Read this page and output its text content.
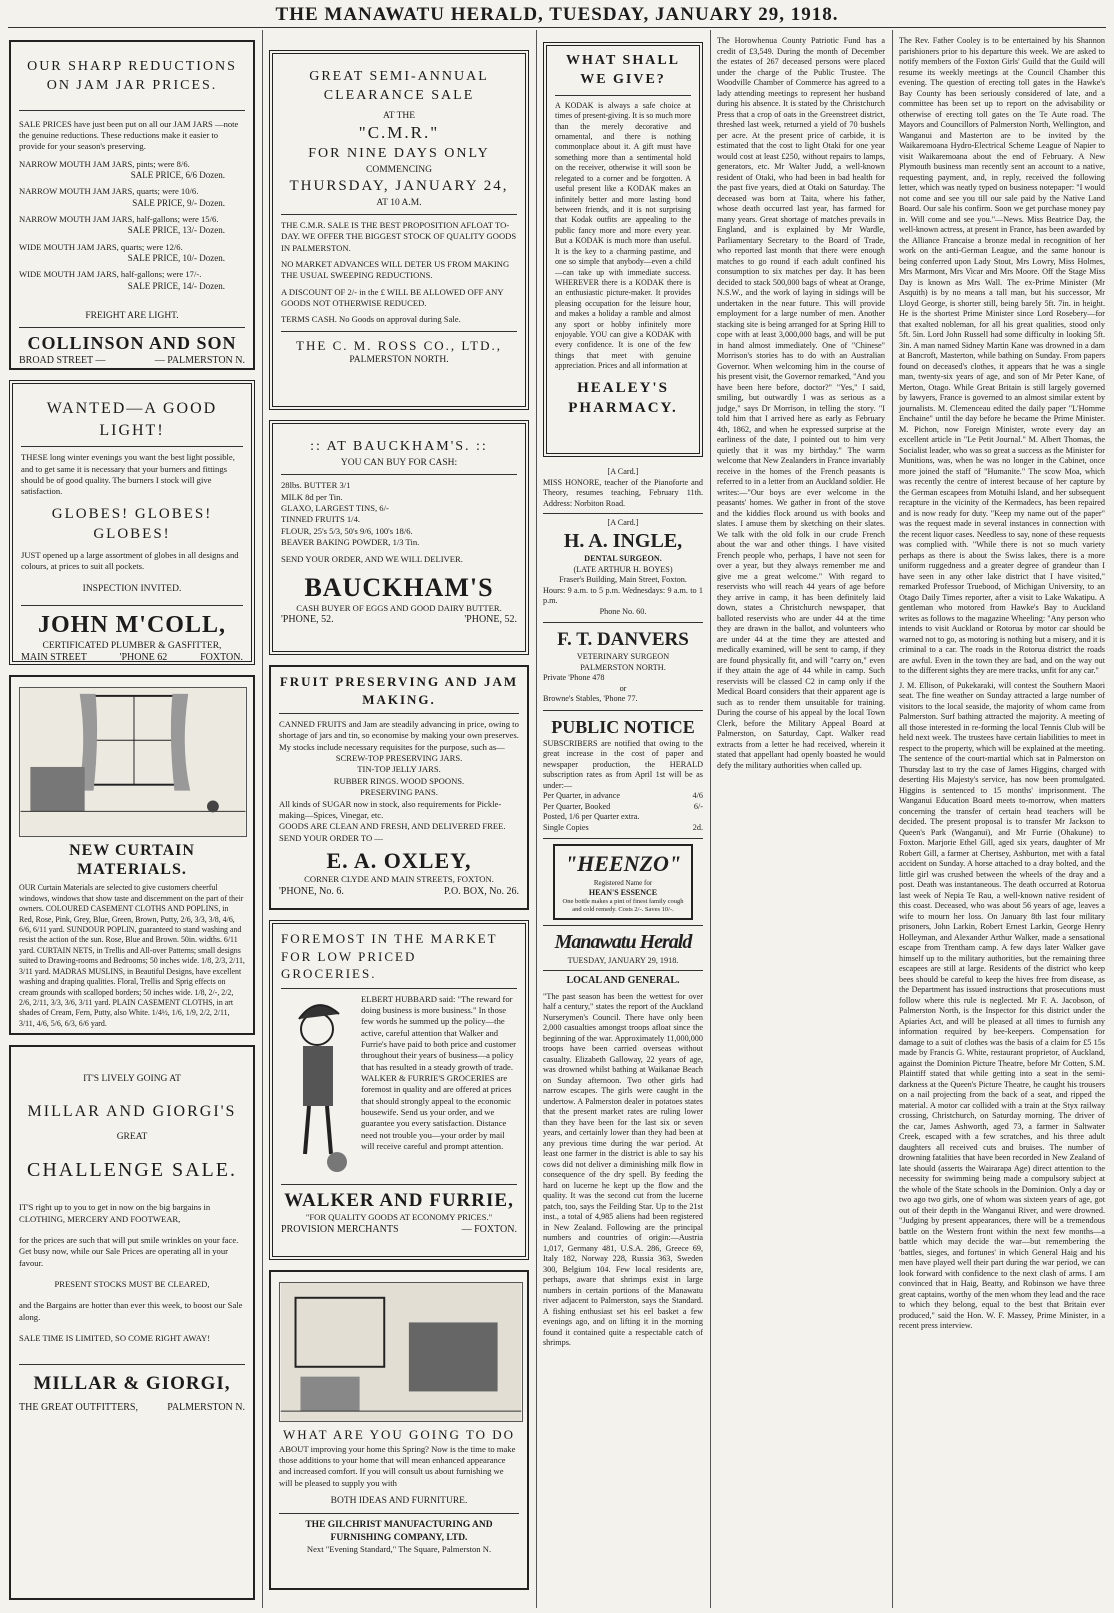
THE MANAWATU HERALD, TUESDAY, JANUARY 29, 1918.
OUR SHARP REDUCTIONS
ON JAM JAR PRICES.
SALE PRICES have just been put on all our JAM JARS —note the genuine reductions. These reductions make it easier to provide for your season's preserving.
NARROW MOUTH JAM JARS, pints; were 8/6.
SALE PRICE, 6/6 Dozen.
NARROW MOUTH JAM JARS, quarts; were 10/6.
SALE PRICE, 9/- Dozen.
NARROW MOUTH JAM JARS, half-gallons; were 15/6.
SALE PRICE, 13/- Dozen.
WIDE MOUTH JAM JARS, quarts; were 12/6.
SALE PRICE, 10/- Dozen.
WIDE MOUTH JAM JARS, half-gallons; were 17/-.
SALE PRICE, 14/- Dozen.
FREIGHT ARE LIGHT.
COLLINSON AND SON
BROAD STREET —	— PALMERSTON N.
WANTED—A GOOD LIGHT!
THESE long winter evenings you want the best light possible, and to get same it is necessary that your burners and fittings should be of good quality. The burners I stock will give satisfaction.
GLOBES! GLOBES! GLOBES!
JUST opened up a large assortment of globes in all designs and colours, at prices to suit all pockets.
INSPECTION INVITED.
JOHN M'COLL,
CERTIFICATED PLUMBER & GASFITTER,
MAIN STREET	'PHONE 62	FOXTON.
NEW CURTAIN MATERIALS.
OUR Curtain Materials are selected to give customers cheerful windows, windows that show taste and discernment on the part of their owners. COLOURED CASEMENT CLOTHS AND POPLINS, in Red, Rose, Pink, Grey, Blue, Green, Brown, Putty, 2/6, 3/3, 3/8, 4/6, 6/6, 6/11 yard. SUNDOUR POPLIN, guaranteed to stand washing and resist the action of the sun. Rose, Blue and Brown. 50in. widths. 6/11 yard. CURTAIN NETS, in Trellis and All-over Patterns; small designs suited to Drawing-rooms and Bedrooms; 50 inches wide. 1/8, 2/3, 2/11, 3/11 yard. MADRAS MUSLINS, in Beautiful Designs, have excellent washing and draping qualities. Floral, Trellis and Sprig effects on cream grounds with scalloped borders; 50 inches wide. 1/8, 2/-, 2/2, 2/6, 2/11, 3/3, 3/6, 3/11 yard. PLAIN CASEMENT CLOTHS, in art shades of Cream, Fern, Putty, also White. 1/4½, 1/6, 1/9, 2/2, 2/11, 3/11, 4/6, 5/6, 6/3, 6/6 yard.
IT'S LIVELY GOING AT
MILLAR AND GIORGI'S
GREAT
CHALLENGE SALE.
IT'S right up to you to get in now on the big bargains in CLOTHING, MERCERY AND FOOTWEAR,
for the prices are such that will put smile wrinkles on your face. Get busy now, while our Sale Prices are operating all in your favour.
PRESENT STOCKS MUST BE CLEARED,
and the Bargains are hotter than ever this week, to boost our Sale along.
SALE TIME IS LIMITED, SO COME RIGHT AWAY!
MILLAR & GIORGI,
THE GREAT OUTFITTERS,	PALMERSTON N.
GREAT SEMI-ANNUAL
CLEARANCE SALE
AT THE
"C.M.R."
FOR NINE DAYS ONLY
COMMENCING
THURSDAY, JANUARY 24,
AT 10 A.M.
THE C.M.R. SALE IS THE BEST PROPOSITION AFLOAT TO-DAY. WE OFFER THE BIGGEST STOCK OF QUALITY GOODS IN PALMERSTON.
NO MARKET ADVANCES WILL DETER US FROM MAKING THE USUAL SWEEPING REDUCTIONS.
A DISCOUNT OF 2/- in the £ WILL BE ALLOWED OFF ANY GOODS NOT OTHERWISE REDUCED.
TERMS CASH. No Goods on approval during Sale.
THE C. M. ROSS CO., LTD.,
PALMERSTON NORTH.
:: AT BAUCKHAM'S. ::
YOU CAN BUY FOR CASH:
28lbs. BUTTER 3/1
MILK 8d per Tin.
GLAXO, LARGEST TINS, 6/-
TINNED FRUITS 1/4.
FLOUR, 25's 5/3, 50's 9/6, 100's 18/6.
BEAVER BAKING POWDER, 1/3 Tin.
SEND YOUR ORDER, AND WE WILL DELIVER.
BAUCKHAM'S
CASH BUYER OF EGGS AND GOOD DAIRY BUTTER.
'PHONE, 52.	'PHONE, 52.
FRUIT PRESERVING AND JAM MAKING.
CANNED FRUITS and Jam are steadily advancing in price, owing to shortage of jars and tin, so economise by making your own preserves. My stocks include necessary requisites for the purpose, such as—
SCREW-TOP PRESERVING JARS.
TIN-TOP JELLY JARS.
RUBBER RINGS. WOOD SPOONS.
PRESERVING PANS.
All kinds of SUGAR now in stock, also requirements for Pickle-making—Spices, Vinegar, etc.
GOODS ARE CLEAN AND FRESH, AND DELIVERED FREE. SEND YOUR ORDER TO —
E. A. OXLEY,
CORNER CLYDE AND MAIN STREETS, FOXTON.
'PHONE, No. 6.	P.O. BOX, No. 26.
FOREMOST IN THE MARKET FOR LOW PRICED GROCERIES.
ELBERT HUBBARD said: "The reward for doing business is more business." In those few words he summed up the policy—the active, careful attention that Walker and Furrie's have paid to both price and customer throughout their years of business—a policy that has resulted in a steady growth of trade. WALKER & FURRIE'S GROCERIES are foremost in quality and are offered at prices that should strongly appeal to the economic housewife. Send us your order, and we guarantee you every satisfaction. Distance need not trouble you—your order by mail will receive careful and prompt attention.
WALKER AND FURRIE,
"FOR QUALITY GOODS AT ECONOMY PRICES."
PROVISION MERCHANTS	— FOXTON.
WHAT ARE YOU GOING TO DO
ABOUT improving your home this Spring? Now is the time to make those additions to your home that will mean enhanced appearance and increased comfort. If you will consult us about furnishing we will be pleased to supply you with
BOTH IDEAS AND FURNITURE.
THE GILCHRIST MANUFACTURING AND FURNISHING COMPANY, LTD.
Next "Evening Standard," The Square, Palmerston N.
WHAT SHALL WE GIVE?
A KODAK is always a safe choice at times of present-giving. It is so much more than the merely decorative and ornamental, and there is nothing commonplace about it. A gift must have something more than a sentimental hold on the receiver, otherwise it will soon be relegated to a corner and be forgotten. A useful present like a KODAK makes an infinitely better and more lasting bond between friends, and it is not surprising that Kodak outfits are appealing to the public fancy more and more every year. But a KODAK is much more than useful. It is the key to a charming pastime, and one so simple that anybody—even a child—can take up with immediate success. WHEREVER there is a KODAK there is an enthusiastic picture-maker. It provides pleasing occupation for the leisure hour, and makes a holiday a ramble and almost any sport or hobby infinitely more enjoyable. YOU can give a KODAK with every confidence. It is one of the few things that meet with genuine appreciation. Prices and all information at
HEALEY'S PHARMACY.
[A Card.]
MISS HONORE, teacher of the Pianoforte and Theory, resumes teaching, February 11th. Address: Norbiton Road.
[A Card.]
H. A. INGLE,
DENTAL SURGEON.
(LATE ARTHUR H. BOYES)
Fraser's Building, Main Street, Foxton.
Hours: 9 a.m. to 5 p.m. Wednesdays: 9 a.m. to 1 p.m.
Phone No. 60.
F. T. DANVERS
VETERINARY SURGEON
PALMERSTON NORTH.
Private 'Phone 478
or
Browne's Stables, 'Phone 77.
PUBLIC NOTICE
SUBSCRIBERS are notified that owing to the great increase in the cost of paper and newspaper production, the HERALD subscription rates as from April 1st will be as under:—
Per Quarter, in advance	4/6
Per Quarter, Booked	6/-
Posted, 1/6 per Quarter extra.
Single Copies	2d.
"HEENZO"
Registered Name for
HEAN'S ESSENCE
One bottle makes a pint of finest family cough and cold remedy. Costs 2/-. Saves 10/-.
Manawatu Herald
TUESDAY, JANUARY 29, 1918.
LOCAL AND GENERAL.
"The past season has been the wettest for over half a century," states the report of the Auckland Nurserymen's Council. There have only been 2,000 casualties amongst troops afloat since the beginning of the war. Approximately 11,000,000 troops have been carried overseas without casualty. Elizabeth Galloway, 22 years of age, was drowned whilst bathing at Waikanae Beach on Sunday afternoon. Two other girls had narrow escapes. The girls were caught in the undertow. A Palmerston dealer in potatoes states that the present market rates are ruling lower than they have been for the last six or seven years, and certainly lower than they had been at any previous time during the war period. At least one farmer in the district is able to say his cows did not deliver a diminishing milk flow in consequence of the dry spell. By feeding the hard on lucerne he kept up the flow and the quality. It was the second cut from the lucerne patch, too, says the Feilding Star. Up to the 21st inst., a total of 4,985 aliens had been registered in New Zealand. Following are the principal numbers and countries of origin:—Austria 1,017, Germany 481, U.S.A. 286, Greece 69, Italy 182, Norway 228, Russia 363, Sweden 300, Belgium 104. Few local residents are, perhaps, aware that shrimps exist in large numbers in certain portions of the Manawatu river adjacent to Palmerston, says the Standard. A fishing enthusiast set his eel basket a few evenings ago, and on lifting it in the morning found it contained quite a respectable catch of shrimps.
The Horowhenua County Patriotic Fund has a credit of £3,549. During the month of December the estates of 267 deceased persons were placed under the charge of the Public Trustee. The Woodville Chamber of Commerce has agreed to a lady attending meetings to represent her husband during his absence. It is stated by the Christchurch Press that a crop of oats in the Greenstreet district, threshed last week, returned a yield of 70 bushels per acre. At the present price of carbide, it is estimated that the cost to light Otaki for one year would cost at least £250, without repairs to lamps, generators, etc. Mr Walter Judd, a well-known resident of Otaki, who had been in bad health for the past five years, died at Otaki on Saturday. The deceased was born at Taita, where his father, whose death occurred last year, has farmed for many years. Great shortage of matches prevails in England, and is explained by Mr Wardle, Parliamentary Secretary to the Board of Trade, who reported last month that there were enough matches to go round if each adult confined his consumption to six matches per day. It has been decided to stack 500,000 bags of wheat at Orange, N.S.W., and the work of laying in sidings will be undertaken in the near future. This will provide employment for a large number of men. Another stacking site is being arranged for at Spring Hill to cope with at least 3,000,000 bags, and will be put in hand almost immediately. One of "Chinese" Morrison's stories has to do with an Australian Governor. When welcoming him in the course of his present visit, the Governor remarked, "And you have been here before, doctor?" "Yes," I said, smiling, but outwardly I was as serious as a judge," says Dr Morrison, in telling the story. "I told him that I arrived here as early as February 4th, 1862, and when he expressed surprise at the earliness of the date, I pointed out to him very quietly that it was my birthday." The warm welcome that New Zealanders in France invariably receive in the homes of the French peasants is referred to in a letter from an Auckland soldier. He writes:—"Our boys are ever welcome in the peasants' homes. We gather in front of the stove and the kiddies flock around us with books and slates. I amuse them by sketching on their slates. We talk with the old folk in our crude French about the war and other things. I have visited French people who, perhaps, I have not seen for over a year, but they always remember me and give me a great welcome." With regard to reservists who will reach 44 years of age before they arrive in camp, it has been definitely laid down, states a Christchurch newspaper, that balloted reservists who are under 44 at the time they are drawn in the ballot, and volunteers who are under 44 at the time they are attested and medically examined, will be sent to camp, if they are found physically fit, and will "carry on," even if they attain the age of 44 while in camp. Such reservists will be classed C2 in camp only if the Medical Board considers that their apparent age is such as to render them unsuitable for training. During the course of his appeal by the local Town Clerk, before the Military Appeal Board at Palmerston, on Saturday, Capt. Walker read extracts from a letter he had received, wherein it stated that appellant had openly boasted he would defy the military authorities when called up.
The Rev. Father Cooley is to be entertained by his Shannon parishioners prior to his departure this week. We are asked to notify members of the Foxton Girls' Guild that the Guild will resume its weekly meetings at the Council Chamber this evening. The question of erecting toll gates in the Hawke's Bay County has been seriously considered of late, and a committee has been set up to report on the advisability or otherwise of erecting toll gates on the Te Aute road. The Mayors and Councillors of Palmerston North, Wellington, and Wanganui and Masterton are to be invited by the Waikaremoana Hydro-Electrical Scheme League of Napier to visit Waikaremoana about the end of February. A New Plymouth business man recently sent an account to a native, requesting payment, and, in reply, received the following letter, which was neatly typed on business notepaper: "I would not come and see you till our sale paid by the Native Land Board. Our sale his confirm. Soon we get purchase money pay in. Will come and see you."—News. Miss Beatrice Day, the well-known actress, at present in France, has been awarded by the Alliance Francaise a bronze medal in recognition of her work on the anti-German League, and the same honour is being conferred upon Lady Stout, Mrs Lowry, Miss Holmes, Mrs Marmont, Mrs Vicar and Mrs Moore. Off the Stage Miss Day is known as Mrs Wall. The ex-Prime Minister (Mr Asquith) is by no means a tall man, but his successor, Mr Lloyd George, is shorter still, being barely 5ft. 7in. in height. He is the shortest Prime Minister since Lord Rosebery—for that exalted nobleman, for all his great qualities, stood only 5ft. 5in. Lord John Russell had some difficulty in looking 5ft. 3in. A man named Sidney Martin Kane was drowned in a dam at Bancroft, Masterton, while bathing on Sunday. From papers found on deceased's clothes, it appears that he was a single man, twenty-six years of age, and son of Mr Peter Kane, of Merton, Otago. While Great Britain is still largely governed by lawyers, France is governed to an almost similar extent by journalists. M. Clemenceau edited the daily paper "L'Homme Enchaine" until the day before he became the Prime Minister. M. Pichon, now Foreign Minister, wrote every day an excellent article in "Le Petit Journal." M. Albert Thomas, the Socialist leader, who was so great a success as the Minister for Munitions, was, when he was no longer in the Cabinet, once more joined the staff of "Humanite." The scow Moa, which was recently the centre of interest because of her capture by the German escapees from Motuihi Island, and her subsequent recapture in the vicinity of the Kermadecs, has been repaired and is now ready for duty. "Keep my name out of the paper" was the request made in several instances in connection with the recent liquor cases. Needless to say, none of these requests was complied with. "While there is not so much variety perhaps as there is about the Swiss lakes, there is a more uniform ruggedness and a greater degree of grandeur than I have seen in any other lake district that I have visited," remarked Professor Truebood, of Michigan University, to an Otago Daily Times reporter, after a visit to Lake Wakatipu. A gentleman who motored from Hawke's Bay to Auckland writes as follows to the magazine Wheeling: "Any person who intends to visit Auckland or Rotorua by motor car should be warned not to go, as motoring is nothing but a misery, and it is criminal to a car. The roads in the Rotorua district the roads are awful. Even in the town they are bad, and on the way out to the different sights they are mere tracks, unfit for any car."
J. M. Ellison, of Pukekaraki, will contest the Southern Maori seat. The fine weather on Sunday attracted a large number of visitors to the local seaside, the majority of whom came from Palmerston. Surf bathing attracted the majority. A meeting of all those interested in re-forming the local Tennis Club will be held next week. The trustees have certain liabilities to meet in respect to the property, which will be explained at the meeting. The sentence of the court-martial which sat in Palmerston on Thursday last to try the case of James Higgins, charged with deserting His Majesty's service, has now been promulgated. Higgins is sentenced to 15 months' imprisonment. The Wanganui Education Board meets to-morrow, when matters concerning the transfer of certain head teachers will be decided. The present proposal is to transfer Mr Jackson to Queen's Park (Wanganui), and Mr Furrie (Ohakune) to Foxton. Marjorie Ethel Gill, aged six years, daughter of Mr Robert Gill, a farmer at Chertsey, Ashburton, met with a fatal accident on Sunday. A horse attached to a dray bolted, and the little girl was crushed between the wheels of the dray and a post. Death was instantaneous. The death occurred at Rotorua last week of Nepia Te Rau, a well-known native resident of this coast. Deceased, who was about 56 years of age, leaves a wife to mourn her loss. On January 8th last four military prisoners, John Larkin, Robert Ernest Larkin, George Henry Holleyman, and Alexander Arthur Walker, made a sensational escape from Trentham camp. A few days later Walker gave himself up to the military authorities, but the remaining three escapees are still at large. Residents of the district who keep bees should be careful to keep the hives free from disease, as the Department has issued instructions that prosecutions must follow where this rule is neglected. Mr F. A. Jacobson, of Palmerston North, is the Inspector for this district under the Apiaries Act, and will be pleased at all times to furnish any information required by bee-keepers. Compensation for damage to a suit of clothes was the basis of a claim for £5 15s made by Francis G. White, restaurant proprietor, of Auckland, against the Dominion Picture Theatre, before Mr Cotten, S.M. Plaintiff stated that while getting into a seat in the semi-darkness at the Queen's Picture Theatre, he caught his trousers on a nail projecting from the back of a seat, and ripped the material. A motor car collided with a train at the Styx railway crossing, Christchurch, on Saturday morning. The driver of the car, James Ashworth, aged 73, a farmer in Saltwater Creek, escaped with a few scratches, and his three adult daughters all received cuts and bruises. The number of drowning fatalities that have been recorded in New Zealand of late should (asserts the Wairarapa Age) direct attention to the necessity for swimming being made a compulsory subject at the whole of the State schools in the Dominion. Only a day or two ago two girls, one of whom was sixteen years of age, got out of their depth in the Wanganui River, and were drowned. "Judging by present appearances, there will be a tremendous battle on the Western front within the next few months—a battle which may decide the war—but remembering the 'battles, sieges, and fortunes' in which General Haig and his men have played well their part during the war period, we can look forward with confidence to the next clash of arms. I am convinced that in Haig, Beatty, and Robinson we have three great captains, worthy of the men whom they lead and the race to which they belong, equal to the best that Britain ever produced," said the Hon. W. F. Massey, Prime Minister, in a recent press interview.
